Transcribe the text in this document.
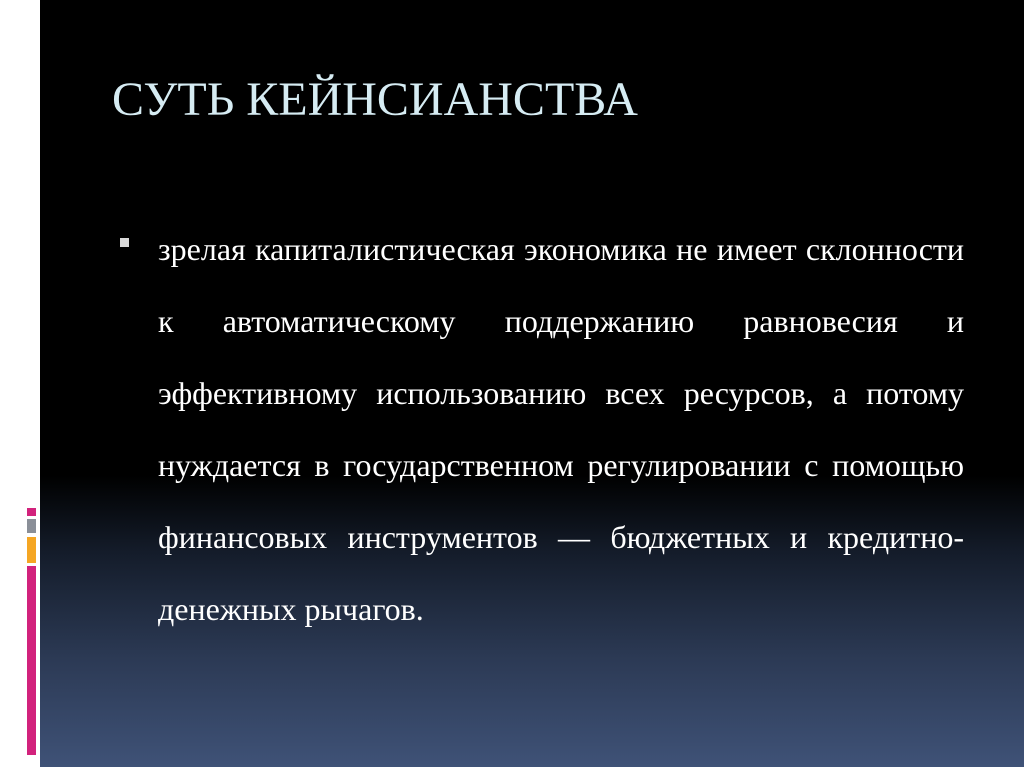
СУТЬ КЕЙНСИАНСТВА
зрелая капиталистическая экономика не имеет склонности к автоматическому поддержанию равновесия и эффективному использованию всех ресурсов, а потому нуждается в государственном регулировании с помощью финансовых инструментов — бюджетных и кредитно-денежных рычагов.
